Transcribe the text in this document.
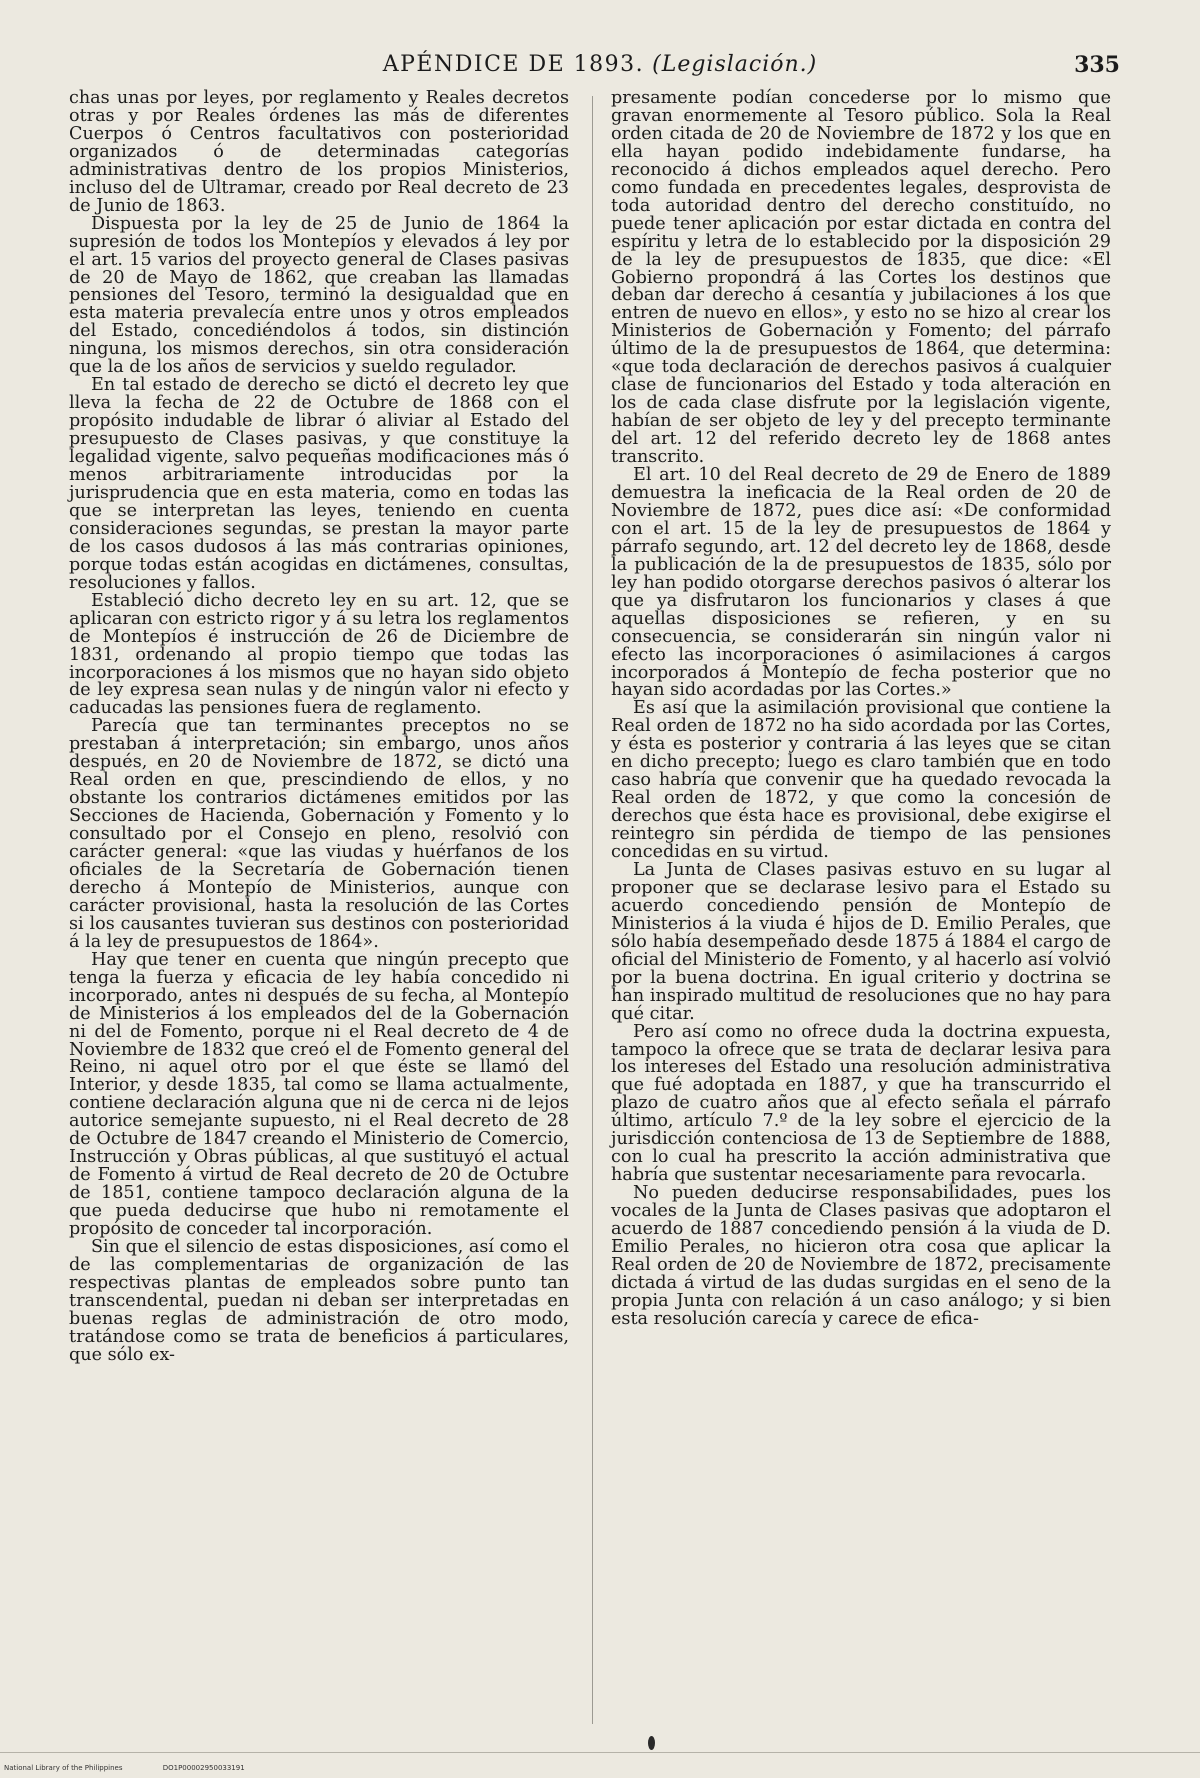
APÉNDICE DE 1893. (Legislación.)	335

chas unas por leyes, por reglamento y Reales decretos otras y por Reales órdenes las más de diferentes Cuerpos ó Centros facultativos con posterioridad organizados ó de determinadas categorías administrativas dentro de los propios Ministerios, incluso del de Ultramar, creado por Real decreto de 23 de Junio de 1863.

Dispuesta por la ley de 25 de Junio de 1864 la supresión de todos los Montepíos y elevados á ley por el art. 15 varios del proyecto general de Clases pasivas de 20 de Mayo de 1862, que creaban las llamadas pensiones del Tesoro, terminó la desigualdad que en esta materia prevalecía entre unos y otros empleados del Estado, concediéndolos á todos, sin distinción ninguna, los mismos derechos, sin otra consideración que la de los años de servicios y sueldo regulador.

En tal estado de derecho se dictó el decreto ley que lleva la fecha de 22 de Octubre de 1868 con el propósito indudable de librar ó aliviar al Estado del presupuesto de Clases pasivas, y que constituye la legalidad vigente, salvo pequeñas modificaciones más ó menos arbitrariamente introducidas por la jurisprudencia que en esta materia, como en todas las que se interpretan las leyes, teniendo en cuenta consideraciones segundas, se prestan la mayor parte de los casos dudosos á las más contrarias opiniones, porque todas están acogidas en dictámenes, consultas, resoluciones y fallos.

Estableció dicho decreto ley en su art. 12, que se aplicaran con estricto rigor y á su letra los reglamentos de Montepíos é instrucción de 26 de Diciembre de 1831, ordenando al propio tiempo que todas las incorporaciones á los mismos que no hayan sido objeto de ley expresa sean nulas y de ningún valor ni efecto y caducadas las pensiones fuera de reglamento.

Parecía que tan terminantes preceptos no se prestaban á interpretación; sin embargo, unos años después, en 20 de Noviembre de 1872, se dictó una Real orden en que, prescindiendo de ellos, y no obstante los contrarios dictámenes emitidos por las Secciones de Hacienda, Gobernación y Fomento y lo consultado por el Consejo en pleno, resolvió con carácter general: «que las viudas y huérfanos de los oficiales de la Secretaría de Gobernación tienen derecho á Montepío de Ministerios, aunque con carácter provisional, hasta la resolución de las Cortes si los causantes tuvieran sus destinos con posterioridad á la ley de presupuestos de 1864».

Hay que tener en cuenta que ningún precepto que tenga la fuerza y eficacia de ley había concedido ni incorporado, antes ni después de su fecha, al Montepío de Ministerios á los empleados del de la Gobernación ni del de Fomento, porque ni el Real decreto de 4 de Noviembre de 1832 que creó el de Fomento general del Reino, ni aquel otro por el que éste se llamó del Interior, y desde 1835, tal como se llama actualmente, contiene declaración alguna que ni de cerca ni de lejos autorice semejante supuesto, ni el Real decreto de 28 de Octubre de 1847 creando el Ministerio de Comercio, Instrucción y Obras públicas, al que sustituyó el actual de Fomento á virtud de Real decreto de 20 de Octubre de 1851, contiene tampoco declaración alguna de la que pueda deducirse que hubo ni remotamente el propósito de conceder tal incorporación.

Sin que el silencio de estas disposiciones, así como el de las complementarias de organización de las respectivas plantas de empleados sobre punto tan transcendental, puedan ni deban ser interpretadas en buenas reglas de administración de otro modo, tratándose como se trata de beneficios á particulares, que sólo ex-

presamente podían concederse por lo mismo que gravan enormemente al Tesoro público. Sola la Real orden citada de 20 de Noviembre de 1872 y los que en ella hayan podido indebidamente fundarse, ha reconocido á dichos empleados aquel derecho. Pero como fundada en precedentes legales, desprovista de toda autoridad dentro del derecho constituído, no puede tener aplicación por estar dictada en contra del espíritu y letra de lo establecido por la disposición 29 de la ley de presupuestos de 1835, que dice: «El Gobierno propondrá á las Cortes los destinos que deban dar derecho á cesantía y jubilaciones á los que entren de nuevo en ellos», y esto no se hizo al crear los Ministerios de Gobernación y Fomento; del párrafo último de la de presupuestos de 1864, que determina: «que toda declaración de derechos pasivos á cualquier clase de funcionarios del Estado y toda alteración en los de cada clase disfrute por la legislación vigente, habían de ser objeto de ley y del precepto terminante del art. 12 del referido decreto ley de 1868 antes transcrito.

El art. 10 del Real decreto de 29 de Enero de 1889 demuestra la ineficacia de la Real orden de 20 de Noviembre de 1872, pues dice así: «De conformidad con el art. 15 de la ley de presupuestos de 1864 y párrafo segundo, art. 12 del decreto ley de 1868, desde la publicación de la de presupuestos de 1835, sólo por ley han podido otorgarse derechos pasivos ó alterar los que ya disfrutaron los funcionarios y clases á que aquellas disposiciones se refieren, y en su consecuencia, se considerarán sin ningún valor ni efecto las incorporaciones ó asimilaciones á cargos incorporados á Montepío de fecha posterior que no hayan sido acordadas por las Cortes.»

Es así que la asimilación provisional que contiene la Real orden de 1872 no ha sido acordada por las Cortes, y ésta es posterior y contraria á las leyes que se citan en dicho precepto; luego es claro también que en todo caso habría que convenir que ha quedado revocada la Real orden de 1872, y que como la concesión de derechos que ésta hace es provisional, debe exigirse el reintegro sin pérdida de tiempo de las pensiones concedidas en su virtud.

La Junta de Clases pasivas estuvo en su lugar al proponer que se declarase lesivo para el Estado su acuerdo concediendo pensión de Montepío de Ministerios á la viuda é hijos de D. Emilio Perales, que sólo había desempeñado desde 1875 á 1884 el cargo de oficial del Ministerio de Fomento, y al hacerlo así volvió por la buena doctrina. En igual criterio y doctrina se han inspirado multitud de resoluciones que no hay para qué citar.

Pero así como no ofrece duda la doctrina expuesta, tampoco la ofrece que se trata de declarar lesiva para los intereses del Estado una resolución administrativa que fué adoptada en 1887, y que ha transcurrido el plazo de cuatro años que al efecto señala el párrafo último, artículo 7.º de la ley sobre el ejercicio de la jurisdicción contenciosa de 13 de Septiembre de 1888, con lo cual ha prescrito la acción administrativa que habría que sustentar necesariamente para revocarla.

No pueden deducirse responsabilidades, pues los vocales de la Junta de Clases pasivas que adoptaron el acuerdo de 1887 concediendo pensión á la viuda de D. Emilio Perales, no hicieron otra cosa que aplicar la Real orden de 20 de Noviembre de 1872, precisamente dictada á virtud de las dudas surgidas en el seno de la propia Junta con relación á un caso análogo; y si bien esta resolución carecía y carece de efica-

National Library of the Philippines	DO1P00002950033191
